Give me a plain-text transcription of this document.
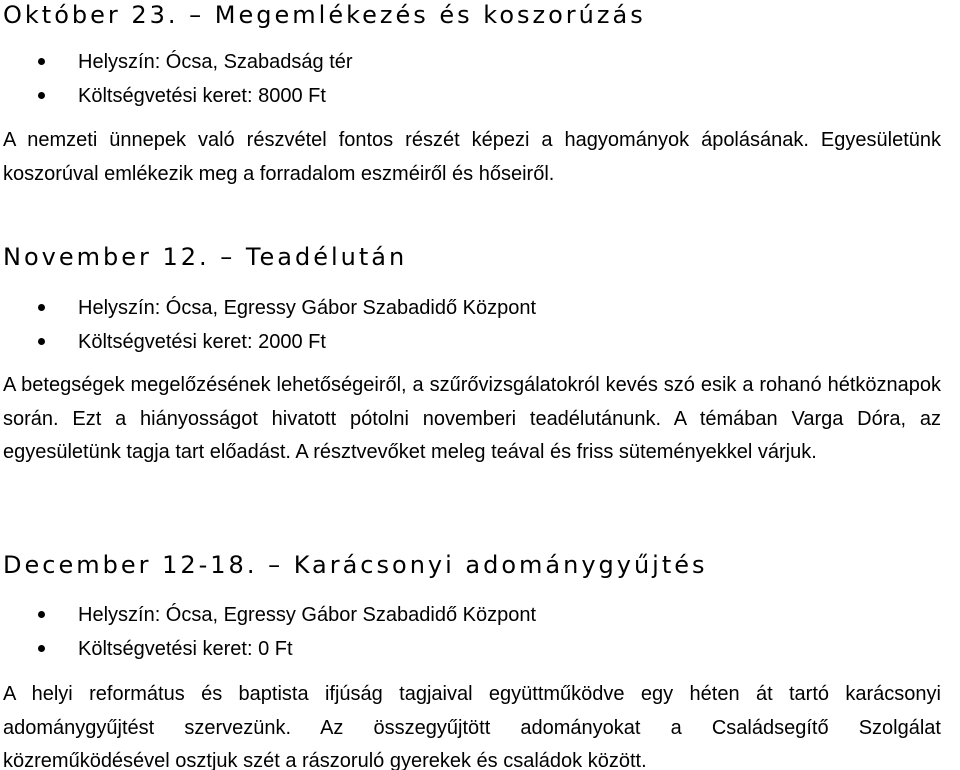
Október 23. – Megemlékezés és koszorúzás
Helyszín: Ócsa, Szabadság tér
Költségvetési keret: 8000 Ft

A nemzeti ünnepek való részvétel fontos részét képezi a hagyományok ápolásának. Egyesületünk koszorúval emlékezik meg a forradalom eszméiről és hőseiről.

November 12. – Teadélután
Helyszín: Ócsa, Egressy Gábor Szabadidő Központ
Költségvetési keret: 2000 Ft

A betegségek megelőzésének lehetőségeiről, a szűrővizsgálatokról kevés szó esik a rohanó hétköznapok során. Ezt a hiányosságot hivatott pótolni novemberi teadélutánunk. A témában Varga Dóra, az egyesületünk tagja tart előadást. A résztvevőket meleg teával és friss süteményekkel várjuk.

December 12-18. – Karácsonyi adománygyűjtés
Helyszín: Ócsa, Egressy Gábor Szabadidő Központ
Költségvetési keret: 0 Ft

A helyi református és baptista ifjúság tagjaival együttműködve egy héten át tartó karácsonyi adománygyűjtést szervezünk. Az összegyűjtött adományokat a Családsegítő Szolgálat közreműködésével osztjuk szét a rászoruló gyerekek és családok között.
